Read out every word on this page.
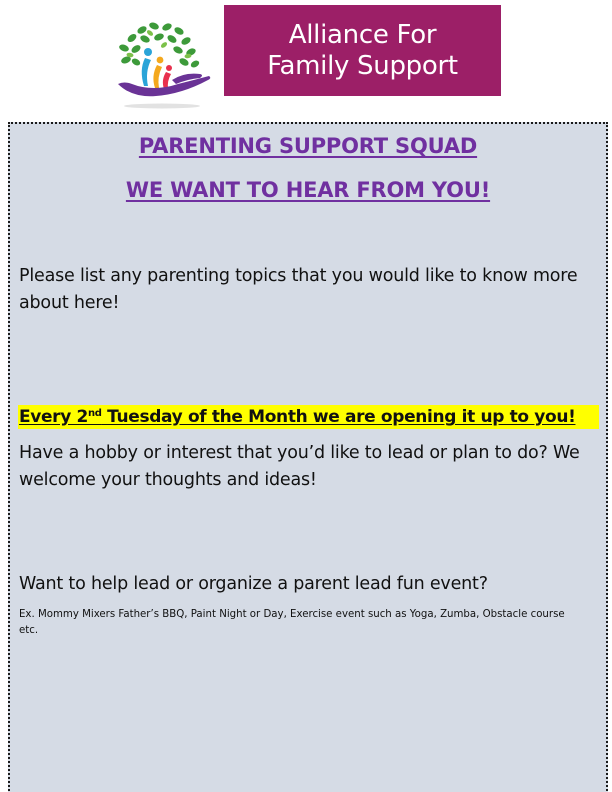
Alliance For
Family Support
PARENTING SUPPORT SQUAD
WE WANT TO HEAR FROM YOU!
Please list any parenting topics that you would like to know more about here!
Every 2nd Tuesday of the Month we are opening it up to you!
Have a hobby or interest that you’d like to lead or plan to do? We welcome your thoughts and ideas!
Want to help lead or organize a parent lead fun event?
Ex. Mommy Mixers Father’s BBQ, Paint Night or Day, Exercise event such as Yoga, Zumba, Obstacle course etc.
